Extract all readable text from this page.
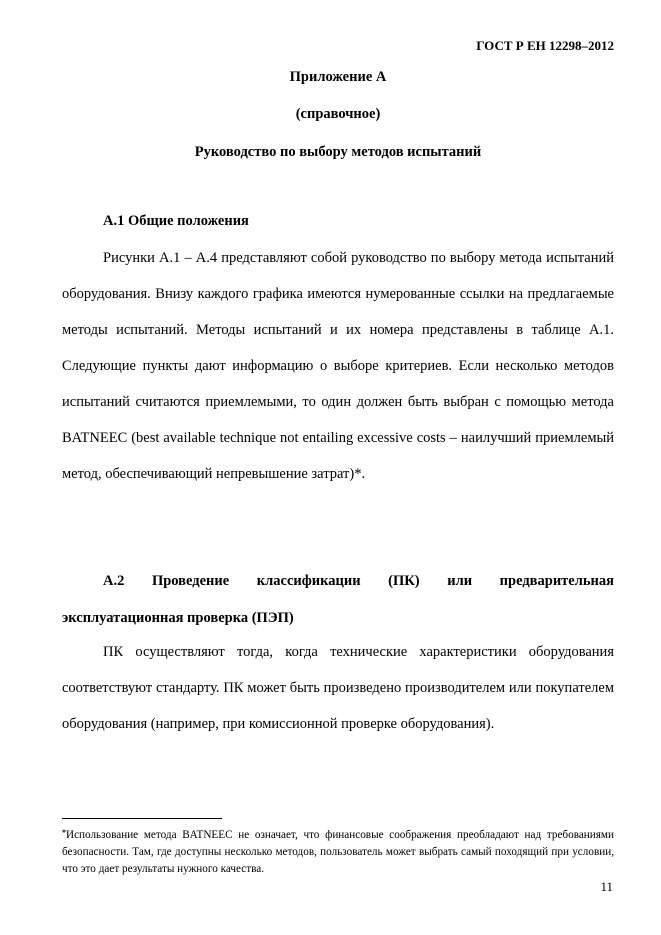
ГОСТ Р ЕН 12298–2012
Приложение А
(справочное)
Руководство по выбору методов испытаний
А.1 Общие положения

Рисунки А.1 – А.4 представляют собой руководство по выбору метода испытаний оборудования. Внизу каждого графика имеются нумерованные ссылки на предлагаемые методы испытаний. Методы испытаний и их номера представлены в таблице А.1. Следующие пункты дают информацию о выборе критериев. Если несколько методов испытаний считаются приемлемыми, то один должен быть выбран с помощью метода BATNEEC (best available technique not entailing excessive costs – наилучший приемлемый метод, обеспечивающий непревышение затрат)*.

А.2 Проведение классификации (ПК) или предварительная эксплуатационная проверка (ПЭП)

ПК осуществляют тогда, когда технические характеристики оборудования соответствуют стандарту. ПК может быть произведено производителем или покупателем оборудования (например, при комиссионной проверке оборудования).

*Использование метода BATNEEC не означает, что финансовые соображения преобладают над требованиями безопасности. Там, где доступны несколько методов, пользователь может выбрать самый походящий при условии, что это дает результаты нужного качества.
11
